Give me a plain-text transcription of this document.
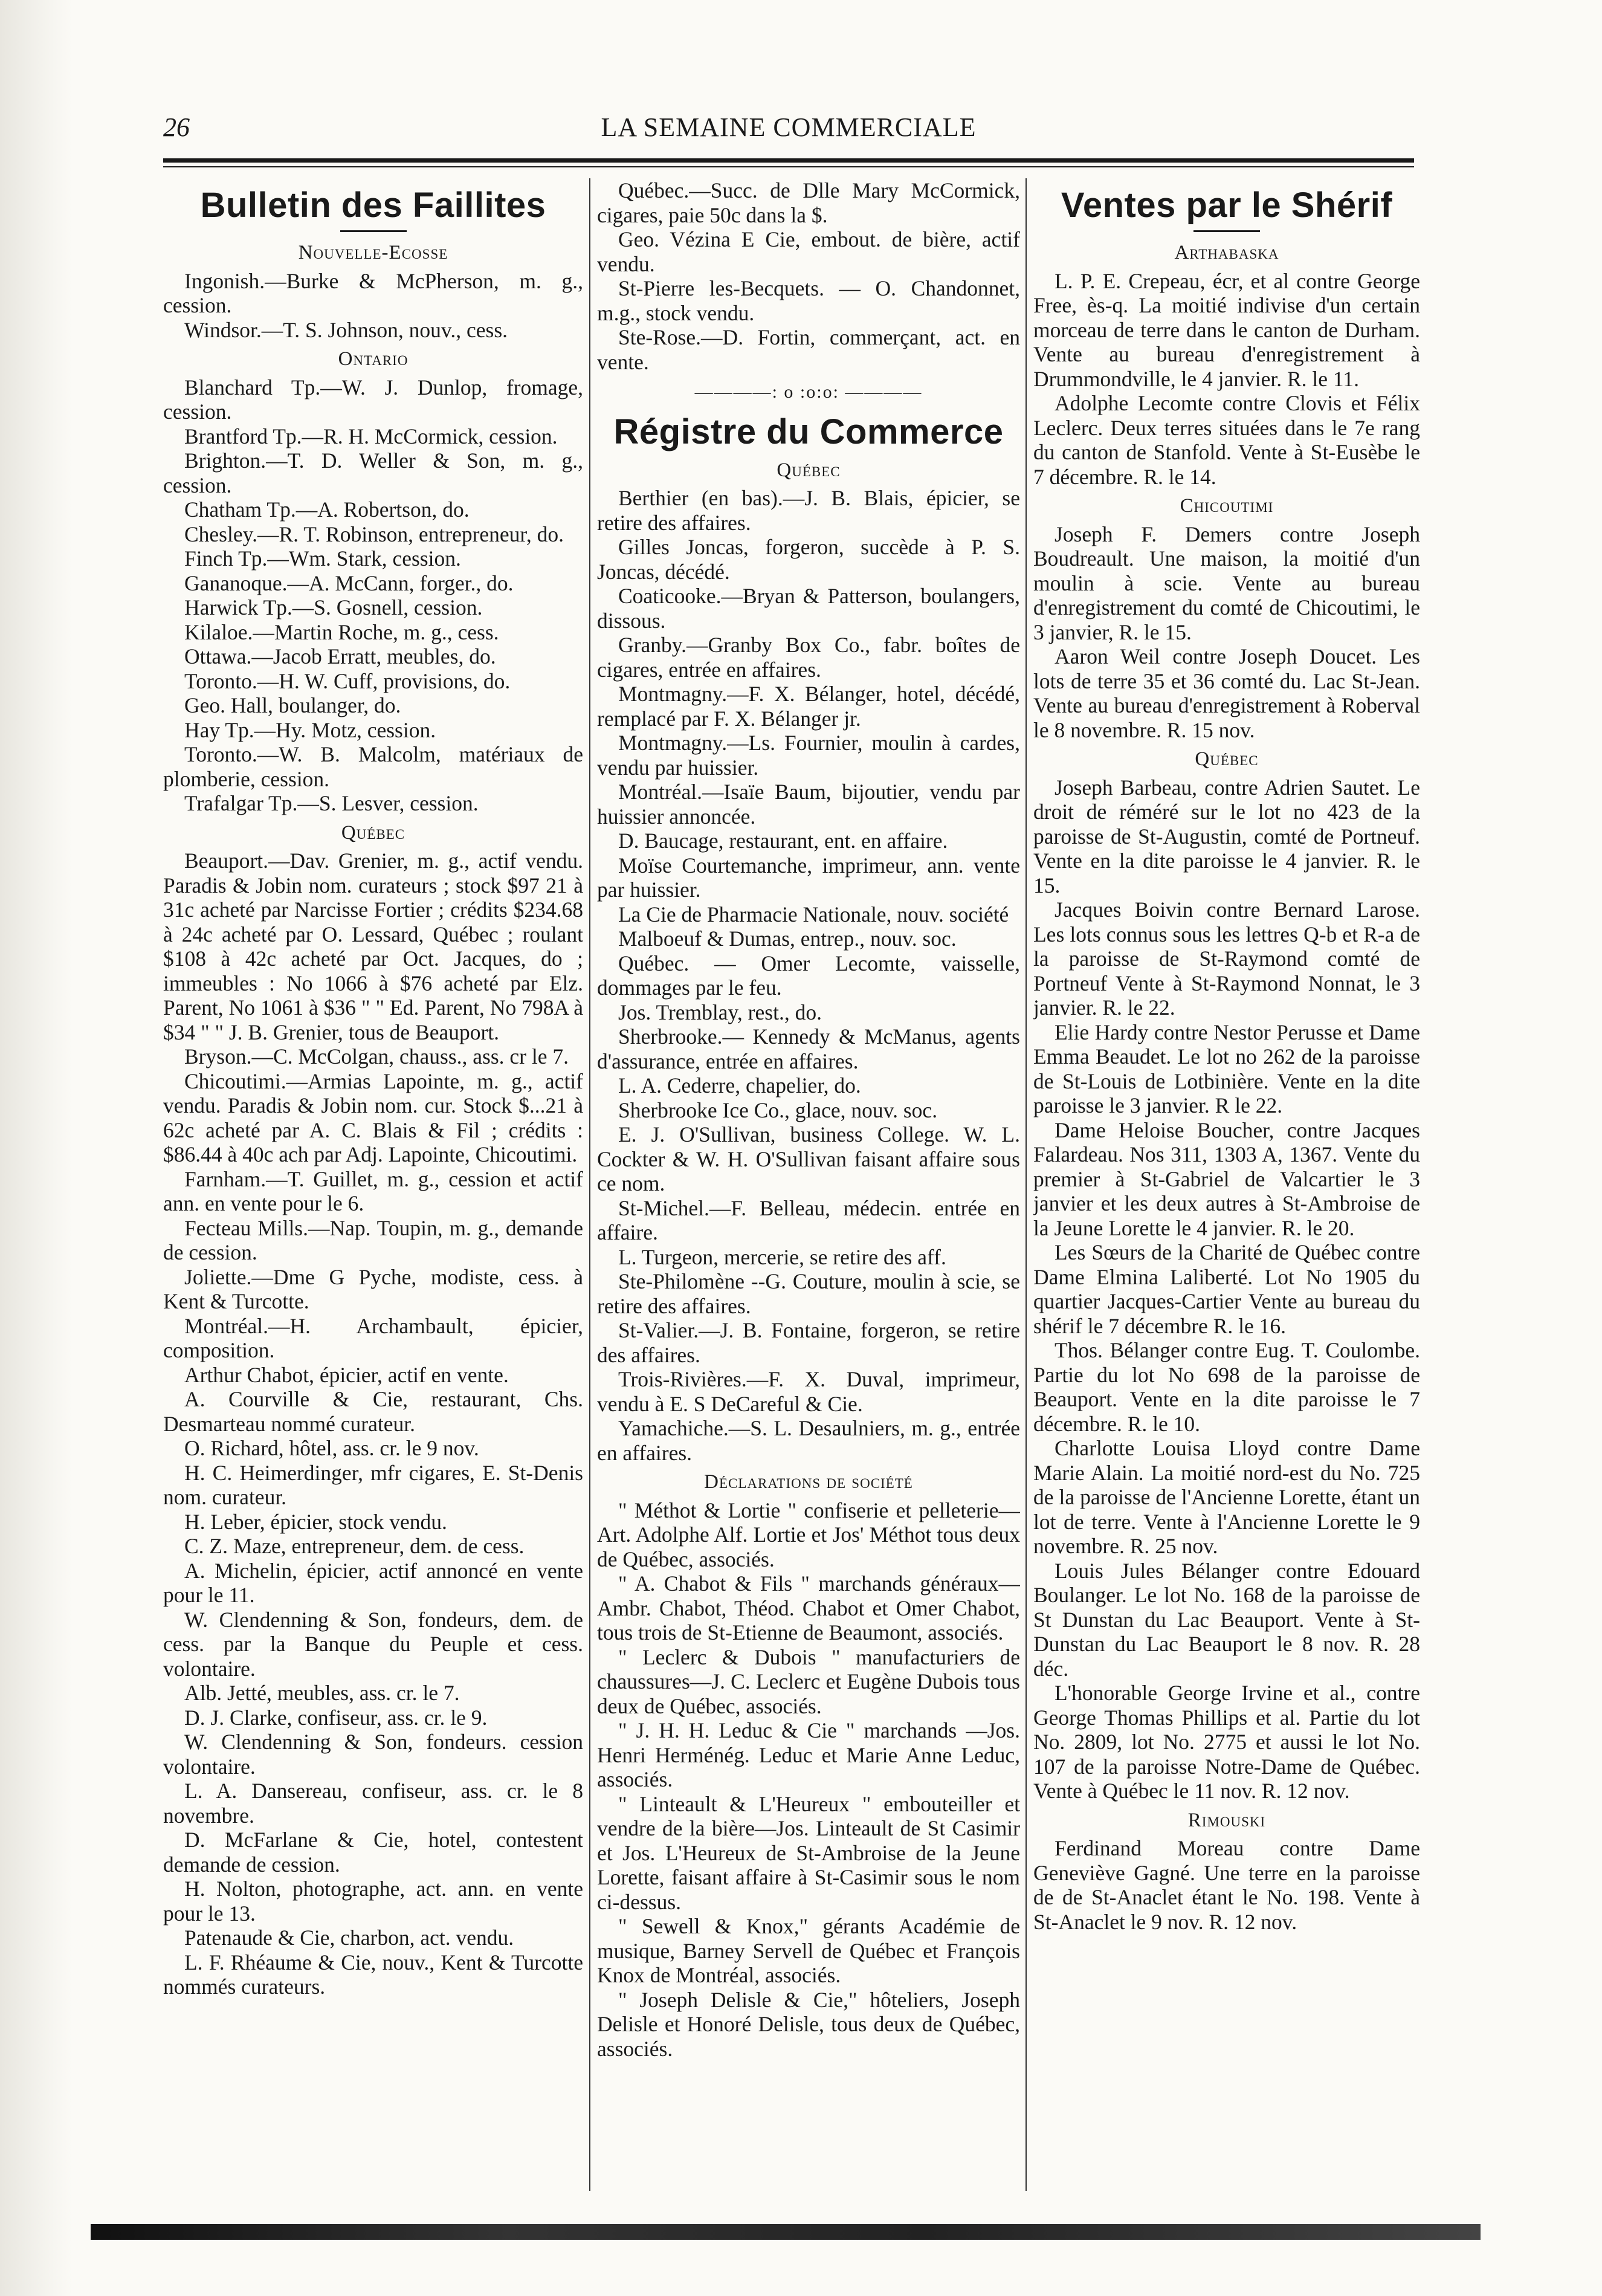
26	LA SEMAINE COMMERCIALE
Bulletin des Faillites
Nouvelle-Ecosse

Ingonish.—Burke & McPherson, m. g., cession.

Windsor.—T. S. Johnson, nouv., cess.

Ontario

Blanchard Tp.—W. J. Dunlop, fromage, cession.

Brantford Tp.—R. H. McCormick, cession.

Brighton.—T. D. Weller & Son, m. g., cession.

Chatham Tp.—A. Robertson, do.

Chesley.—R. T. Robinson, entrepreneur, do.

Finch Tp.—Wm. Stark, cession.

Gananoque.—A. McCann, forger., do.

Harwick Tp.—S. Gosnell, cession.

Kilaloe.—Martin Roche, m. g., cess.

Ottawa.—Jacob Erratt, meubles, do.

Toronto.—H. W. Cuff, provisions, do.

Geo. Hall, boulanger, do.

Hay Tp.—Hy. Motz, cession.

Toronto.—W. B. Malcolm, matériaux de plomberie, cession.

Trafalgar Tp.—S. Lesver, cession.

Québec

Beauport.—Dav. Grenier, m. g., actif vendu. Paradis & Jobin nom. curateurs ; stock $97 21 à 31c acheté par Narcisse Fortier ; crédits $234.68 à 24c acheté par O. Lessard, Québec ; roulant $108 à 42c acheté par Oct. Jacques, do ; immeubles : No 1066 à $76 acheté par Elz. Parent, No 1061 à $36 " " Ed. Parent, No 798A à $34 " " J. B. Grenier, tous de Beauport.

Bryson.—C. McColgan, chauss., ass. cr le 7.

Chicoutimi.—Armias Lapointe, m. g., actif vendu. Paradis & Jobin nom. cur. Stock $...21 à 62c acheté par A. C. Blais & Fil ; crédits : $86.44 à 40c ach par Adj. Lapointe, Chicoutimi.

Farnham.—T. Guillet, m. g., cession et actif ann. en vente pour le 6.

Fecteau Mills.—Nap. Toupin, m. g., demande de cession.

Joliette.—Dme G Pyche, modiste, cess. à Kent & Turcotte.

Montréal.—H. Archambault, épicier, composition.

Arthur Chabot, épicier, actif en vente.

A. Courville & Cie, restaurant, Chs. Desmarteau nommé curateur.

O. Richard, hôtel, ass. cr. le 9 nov.

H. C. Heimerdinger, mfr cigares, E. St-Denis nom. curateur.

H. Leber, épicier, stock vendu.

C. Z. Maze, entrepreneur, dem. de cess.

A. Michelin, épicier, actif annoncé en vente pour le 11.

W. Clendenning & Son, fondeurs, dem. de cess. par la Banque du Peuple et cess. volontaire.

Alb. Jetté, meubles, ass. cr. le 7.

D. J. Clarke, confiseur, ass. cr. le 9.

W. Clendenning & Son, fondeurs. cession volontaire.

L. A. Dansereau, confiseur, ass. cr. le 8 novembre.

D. McFarlane & Cie, hotel, contestent demande de cession.

H. Nolton, photographe, act. ann. en vente pour le 13.

Patenaude & Cie, charbon, act. vendu.

L. F. Rhéaume & Cie, nouv., Kent & Turcotte nommés curateurs.

Québec.—Succ. de Dlle Mary McCormick, cigares, paie 50c dans la $.

Geo. Vézina E Cie, embout. de bière, actif vendu.

St-Pierre les-Becquets. — O. Chandonnet, m.g., stock vendu.

Ste-Rose.—D. Fortin, commerçant, act. en vente.

————: o :o:o: ————
Régistre du Commerce
Québec

Berthier (en bas).—J. B. Blais, épicier, se retire des affaires.

Gilles Joncas, forgeron, succède à P. S. Joncas, décédé.

Coaticooke.—Bryan & Patterson, boulangers, dissous.

Granby.—Granby Box Co., fabr. boîtes de cigares, entrée en affaires.

Montmagny.—F. X. Bélanger, hotel, décédé, remplacé par F. X. Bélanger jr.

Montmagny.—Ls. Fournier, moulin à cardes, vendu par huissier.

Montréal.—Isaïe Baum, bijoutier, vendu par huissier annoncée.

D. Baucage, restaurant, ent. en affaire.

Moïse Courtemanche, imprimeur, ann. vente par huissier.

La Cie de Pharmacie Nationale, nouv. société

Malboeuf & Dumas, entrep., nouv. soc.

Québec. — Omer Lecomte, vaisselle, dommages par le feu.

Jos. Tremblay, rest., do.

Sherbrooke.— Kennedy & McManus, agents d'assurance, entrée en affaires.

L. A. Cederre, chapelier, do.

Sherbrooke Ice Co., glace, nouv. soc.

E. J. O'Sullivan, business College. W. L. Cockter & W. H. O'Sullivan faisant affaire sous ce nom.

St-Michel.—F. Belleau, médecin. entrée en affaire.

L. Turgeon, mercerie, se retire des aff.

Ste-Philomène --G. Couture, moulin à scie, se retire des affaires.

St-Valier.—J. B. Fontaine, forgeron, se retire des affaires.

Trois-Rivières.—F. X. Duval, imprimeur, vendu à E. S DeCareful & Cie.

Yamachiche.—S. L. Desaulniers, m. g., entrée en affaires.

Déclarations de société

" Méthot & Lortie " confiserie et pelleterie—Art. Adolphe Alf. Lortie et Jos' Méthot tous deux de Québec, associés.

" A. Chabot & Fils " marchands généraux—Ambr. Chabot, Théod. Chabot et Omer Chabot, tous trois de St-Etienne de Beaumont, associés.

" Leclerc & Dubois " manufacturiers de chaussures—J. C. Leclerc et Eugène Dubois tous deux de Québec, associés.

" J. H. H. Leduc & Cie " marchands —Jos. Henri Herménég. Leduc et Marie Anne Leduc, associés.

" Linteault & L'Heureux " embouteiller et vendre de la bière—Jos. Linteault de St Casimir et Jos. L'Heureux de St-Ambroise de la Jeune Lorette, faisant affaire à St-Casimir sous le nom ci-dessus.

" Sewell & Knox," gérants Académie de musique, Barney Servell de Québec et François Knox de Montréal, associés.

" Joseph Delisle & Cie," hôteliers, Joseph Delisle et Honoré Delisle, tous deux de Québec, associés.

Ventes par le Shérif
Arthabaska

L. P. E. Crepeau, écr, et al contre George Free, ès-q. La moitié indivise d'un certain morceau de terre dans le canton de Durham. Vente au bureau d'enregistrement à Drummondville, le 4 janvier. R. le 11.

Adolphe Lecomte contre Clovis et Félix Leclerc. Deux terres situées dans le 7e rang du canton de Stanfold. Vente à St-Eusèbe le 7 décembre. R. le 14.

Chicoutimi

Joseph F. Demers contre Joseph Boudreault. Une maison, la moitié d'un moulin à scie. Vente au bureau d'enregistrement du comté de Chicoutimi, le 3 janvier, R. le 15.

Aaron Weil contre Joseph Doucet. Les lots de terre 35 et 36 comté du. Lac St-Jean. Vente au bureau d'enregistrement à Roberval le 8 novembre. R. 15 nov.

Québec

Joseph Barbeau, contre Adrien Sautet. Le droit de réméré sur le lot no 423 de la paroisse de St-Augustin, comté de Portneuf. Vente en la dite paroisse le 4 janvier. R. le 15.

Jacques Boivin contre Bernard Larose. Les lots connus sous les lettres Q-b et R-a de la paroisse de St-Raymond comté de Portneuf Vente à St-Raymond Nonnat, le 3 janvier. R. le 22.

Elie Hardy contre Nestor Perusse et Dame Emma Beaudet. Le lot no 262 de la paroisse de St-Louis de Lotbinière. Vente en la dite paroisse le 3 janvier. R le 22.

Dame Heloise Boucher, contre Jacques Falardeau. Nos 311, 1303 A, 1367. Vente du premier à St-Gabriel de Valcartier le 3 janvier et les deux autres à St-Ambroise de la Jeune Lorette le 4 janvier. R. le 20.

Les Sœurs de la Charité de Québec contre Dame Elmina Laliberté. Lot No 1905 du quartier Jacques-Cartier Vente au bureau du shérif le 7 décembre R. le 16.

Thos. Bélanger contre Eug. T. Coulombe. Partie du lot No 698 de la paroisse de Beauport. Vente en la dite paroisse le 7 décembre. R. le 10.

Charlotte Louisa Lloyd contre Dame Marie Alain. La moitié nord-est du No. 725 de la paroisse de l'Ancienne Lorette, étant un lot de terre. Vente à l'Ancienne Lorette le 9 novembre. R. 25 nov.

Louis Jules Bélanger contre Edouard Boulanger. Le lot No. 168 de la paroisse de St Dunstan du Lac Beauport. Vente à St-Dunstan du Lac Beauport le 8 nov. R. 28 déc.

L'honorable George Irvine et al., contre George Thomas Phillips et al. Partie du lot No. 2809, lot No. 2775 et aussi le lot No. 107 de la paroisse Notre-Dame de Québec. Vente à Québec le 11 nov. R. 12 nov.

Rimouski

Ferdinand Moreau contre Dame Geneviève Gagné. Une terre en la paroisse de de St-Anaclet étant le No. 198. Vente à St-Anaclet le 9 nov. R. 12 nov.
